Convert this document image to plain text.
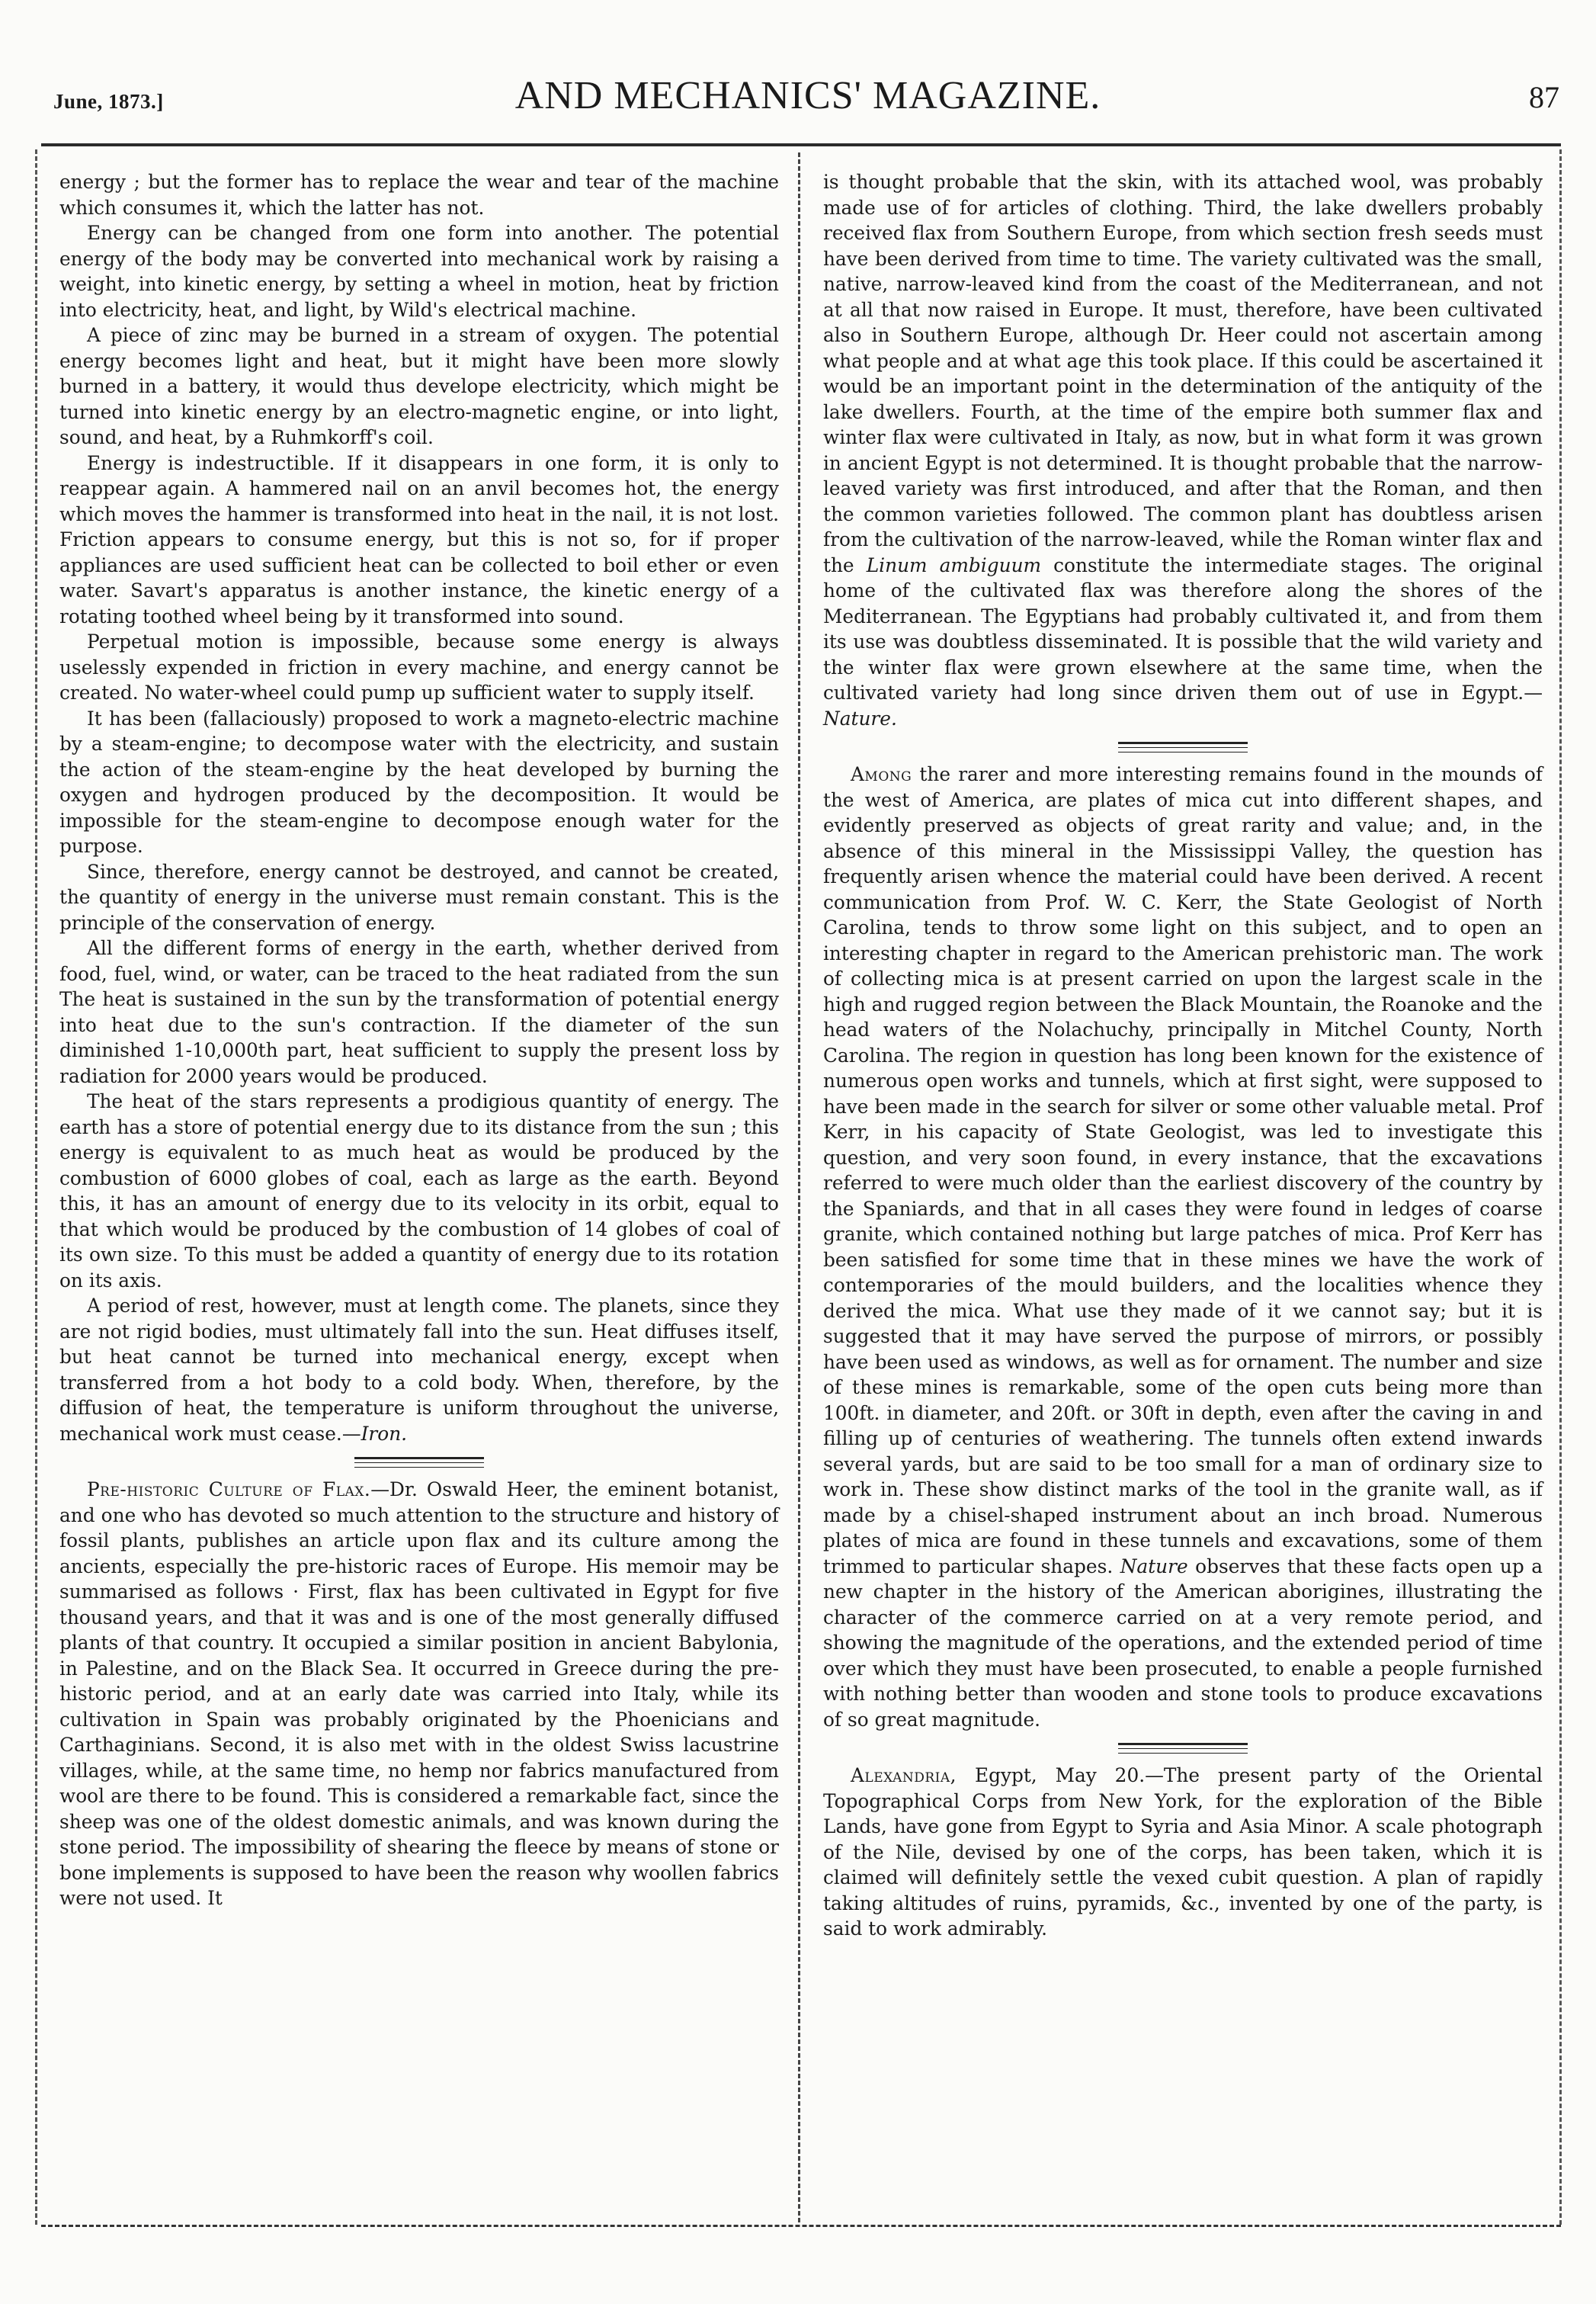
June, 1873.]	AND MECHANICS' MAGAZINE.	87

energy ; but the former has to replace the wear and tear of the machine which consumes it, which the latter has not.

Energy can be changed from one form into another. The potential energy of the body may be converted into mechanical work by raising a weight, into kinetic energy, by setting a wheel in motion, heat by friction into electricity, heat, and light, by Wild's electrical machine.

A piece of zinc may be burned in a stream of oxygen. The potential energy becomes light and heat, but it might have been more slowly burned in a battery, it would thus develope electricity, which might be turned into kinetic energy by an electro-magnetic engine, or into light, sound, and heat, by a Ruhmkorff's coil.

Energy is indestructible. If it disappears in one form, it is only to reappear again. A hammered nail on an anvil becomes hot, the energy which moves the hammer is transformed into heat in the nail, it is not lost. Friction appears to consume energy, but this is not so, for if proper appliances are used sufficient heat can be collected to boil ether or even water. Savart's apparatus is another instance, the kinetic energy of a rotating toothed wheel being by it transformed into sound.

Perpetual motion is impossible, because some energy is always uselessly expended in friction in every machine, and energy cannot be created. No water-wheel could pump up sufficient water to supply itself.

It has been (fallaciously) proposed to work a magneto-electric machine by a steam-engine; to decompose water with the electricity, and sustain the action of the steam-engine by the heat developed by burning the oxygen and hydrogen produced by the decomposition. It would be impossible for the steam-engine to decompose enough water for the purpose.

Since, therefore, energy cannot be destroyed, and cannot be created, the quantity of energy in the universe must remain constant. This is the principle of the conservation of energy.

All the different forms of energy in the earth, whether derived from food, fuel, wind, or water, can be traced to the heat radiated from the sun The heat is sustained in the sun by the transformation of potential energy into heat due to the sun's contraction. If the diameter of the sun diminished 1-10,000th part, heat sufficient to supply the present loss by radiation for 2000 years would be produced.

The heat of the stars represents a prodigious quantity of energy. The earth has a store of potential energy due to its distance from the sun ; this energy is equivalent to as much heat as would be produced by the combustion of 6000 globes of coal, each as large as the earth. Beyond this, it has an amount of energy due to its velocity in its orbit, equal to that which would be produced by the combustion of 14 globes of coal of its own size. To this must be added a quantity of energy due to its rotation on its axis.

A period of rest, however, must at length come. The planets, since they are not rigid bodies, must ultimately fall into the sun. Heat diffuses itself, but heat cannot be turned into mechanical energy, except when transferred from a hot body to a cold body. When, therefore, by the diffusion of heat, the temperature is uniform throughout the universe, mechanical work must cease.—Iron.

Pre-historic Culture of Flax.—Dr. Oswald Heer, the eminent botanist, and one who has devoted so much attention to the structure and history of fossil plants, publishes an article upon flax and its culture among the ancients, especially the pre-historic races of Europe. His memoir may be summarised as follows · First, flax has been cultivated in Egypt for five thousand years, and that it was and is one of the most generally diffused plants of that country. It occupied a similar position in ancient Babylonia, in Palestine, and on the Black Sea. It occurred in Greece during the pre-historic period, and at an early date was carried into Italy, while its cultivation in Spain was probably originated by the Phoenicians and Carthaginians. Second, it is also met with in the oldest Swiss lacustrine villages, while, at the same time, no hemp nor fabrics manufactured from wool are there to be found. This is considered a remarkable fact, since the sheep was one of the oldest domestic animals, and was known during the stone period. The impossibility of shearing the fleece by means of stone or bone implements is supposed to have been the reason why woollen fabrics were not used. It

is thought probable that the skin, with its attached wool, was probably made use of for articles of clothing. Third, the lake dwellers probably received flax from Southern Europe, from which section fresh seeds must have been derived from time to time. The variety cultivated was the small, native, narrow-leaved kind from the coast of the Mediterranean, and not at all that now raised in Europe. It must, therefore, have been cultivated also in Southern Europe, although Dr. Heer could not ascertain among what people and at what age this took place. If this could be ascertained it would be an important point in the determination of the antiquity of the lake dwellers. Fourth, at the time of the empire both summer flax and winter flax were cultivated in Italy, as now, but in what form it was grown in ancient Egypt is not determined. It is thought probable that the narrow-leaved variety was first introduced, and after that the Roman, and then the common varieties followed. The common plant has doubtless arisen from the cultivation of the narrow-leaved, while the Roman winter flax and the Linum ambiguum constitute the intermediate stages. The original home of the cultivated flax was therefore along the shores of the Mediterranean. The Egyptians had probably cultivated it, and from them its use was doubtless disseminated. It is possible that the wild variety and the winter flax were grown elsewhere at the same time, when the cultivated variety had long since driven them out of use in Egypt.—Nature.

Among the rarer and more interesting remains found in the mounds of the west of America, are plates of mica cut into different shapes, and evidently preserved as objects of great rarity and value; and, in the absence of this mineral in the Mississippi Valley, the question has frequently arisen whence the material could have been derived. A recent communication from Prof. W. C. Kerr, the State Geologist of North Carolina, tends to throw some light on this subject, and to open an interesting chapter in regard to the American prehistoric man. The work of collecting mica is at present carried on upon the largest scale in the high and rugged region between the Black Mountain, the Roanoke and the head waters of the Nolachuchy, principally in Mitchel County, North Carolina. The region in question has long been known for the existence of numerous open works and tunnels, which at first sight, were supposed to have been made in the search for silver or some other valuable metal. Prof Kerr, in his capacity of State Geologist, was led to investigate this question, and very soon found, in every instance, that the excavations referred to were much older than the earliest discovery of the country by the Spaniards, and that in all cases they were found in ledges of coarse granite, which contained nothing but large patches of mica. Prof Kerr has been satisfied for some time that in these mines we have the work of contemporaries of the mould builders, and the localities whence they derived the mica. What use they made of it we cannot say; but it is suggested that it may have served the purpose of mirrors, or possibly have been used as windows, as well as for ornament. The number and size of these mines is remarkable, some of the open cuts being more than 100ft. in diameter, and 20ft. or 30ft in depth, even after the caving in and filling up of centuries of weathering. The tunnels often extend inwards several yards, but are said to be too small for a man of ordinary size to work in. These show distinct marks of the tool in the granite wall, as if made by a chisel-shaped instrument about an inch broad. Numerous plates of mica are found in these tunnels and excavations, some of them trimmed to particular shapes. Nature observes that these facts open up a new chapter in the history of the American aborigines, illustrating the character of the commerce carried on at a very remote period, and showing the magnitude of the operations, and the extended period of time over which they must have been prosecuted, to enable a people furnished with nothing better than wooden and stone tools to produce excavations of so great magnitude.

Alexandria, Egypt, May 20.—The present party of the Oriental Topographical Corps from New York, for the exploration of the Bible Lands, have gone from Egypt to Syria and Asia Minor. A scale photograph of the Nile, devised by one of the corps, has been taken, which it is claimed will definitely settle the vexed cubit question. A plan of rapidly taking altitudes of ruins, pyramids, &c., invented by one of the party, is said to work admirably.
